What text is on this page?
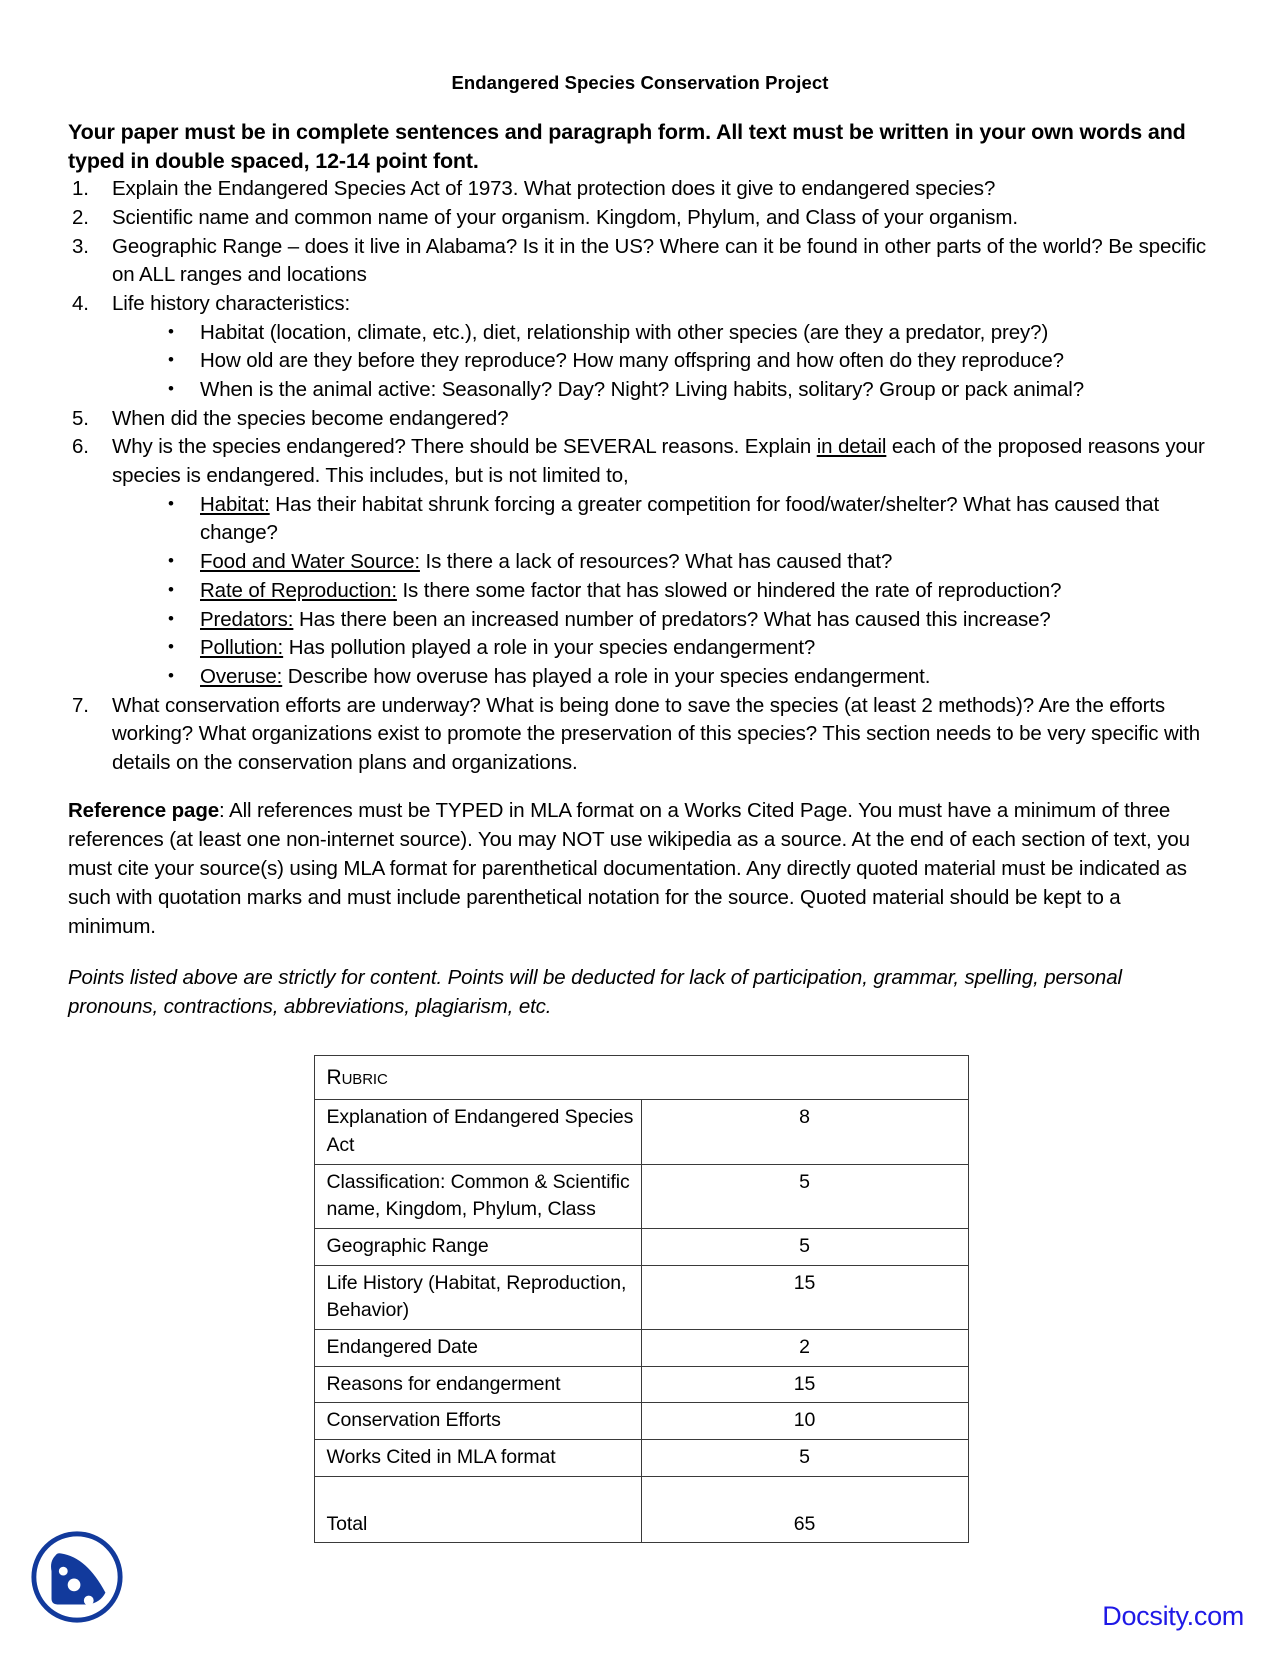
Endangered Species Conservation Project
Your paper must be in complete sentences and paragraph form. All text must be written in your own words and typed in double spaced, 12-14 point font.
1.	Explain the Endangered Species Act of 1973. What protection does it give to endangered species?
2.	Scientific name and common name of your organism. Kingdom, Phylum, and Class of your organism.
3.	Geographic Range – does it live in Alabama? Is it in the US? Where can it be found in other parts of the world? Be specific on ALL ranges and locations
4.	Life history characteristics:
• Habitat (location, climate, etc.), diet, relationship with other species (are they a predator, prey?)
• How old are they before they reproduce? How many offspring and how often do they reproduce?
• When is the animal active: Seasonally? Day? Night? Living habits, solitary? Group or pack animal?
5.	When did the species become endangered?
6.	Why is the species endangered? There should be SEVERAL reasons. Explain in detail each of the proposed reasons your species is endangered. This includes, but is not limited to,
• Habitat: Has their habitat shrunk forcing a greater competition for food/water/shelter? What has caused that change?
• Food and Water Source: Is there a lack of resources? What has caused that?
• Rate of Reproduction: Is there some factor that has slowed or hindered the rate of reproduction?
• Predators: Has there been an increased number of predators? What has caused this increase?
• Pollution: Has pollution played a role in your species endangerment?
• Overuse: Describe how overuse has played a role in your species endangerment.
7.	What conservation efforts are underway? What is being done to save the species (at least 2 methods)? Are the efforts working? What organizations exist to promote the preservation of this species? This section needs to be very specific with details on the conservation plans and organizations.
Reference page: All references must be TYPED in MLA format on a Works Cited Page. You must have a minimum of three references (at least one non-internet source). You may NOT use wikipedia as a source. At the end of each section of text, you must cite your source(s) using MLA format for parenthetical documentation. Any directly quoted material must be indicated as such with quotation marks and must include parenthetical notation for the source. Quoted material should be kept to a minimum.
Points listed above are strictly for content. Points will be deducted for lack of participation, grammar, spelling, personal pronouns, contractions, abbreviations, plagiarism, etc.
Rubric	
Explanation of Endangered Species Act	8
Classification: Common & Scientific name, Kingdom, Phylum, Class	5
Geographic Range	5
Life History (Habitat, Reproduction, Behavior)	15
Endangered Date	2
Reasons for endangerment	15
Conservation Efforts	10
Works Cited in MLA format	5
Total	65
Docsity.com
